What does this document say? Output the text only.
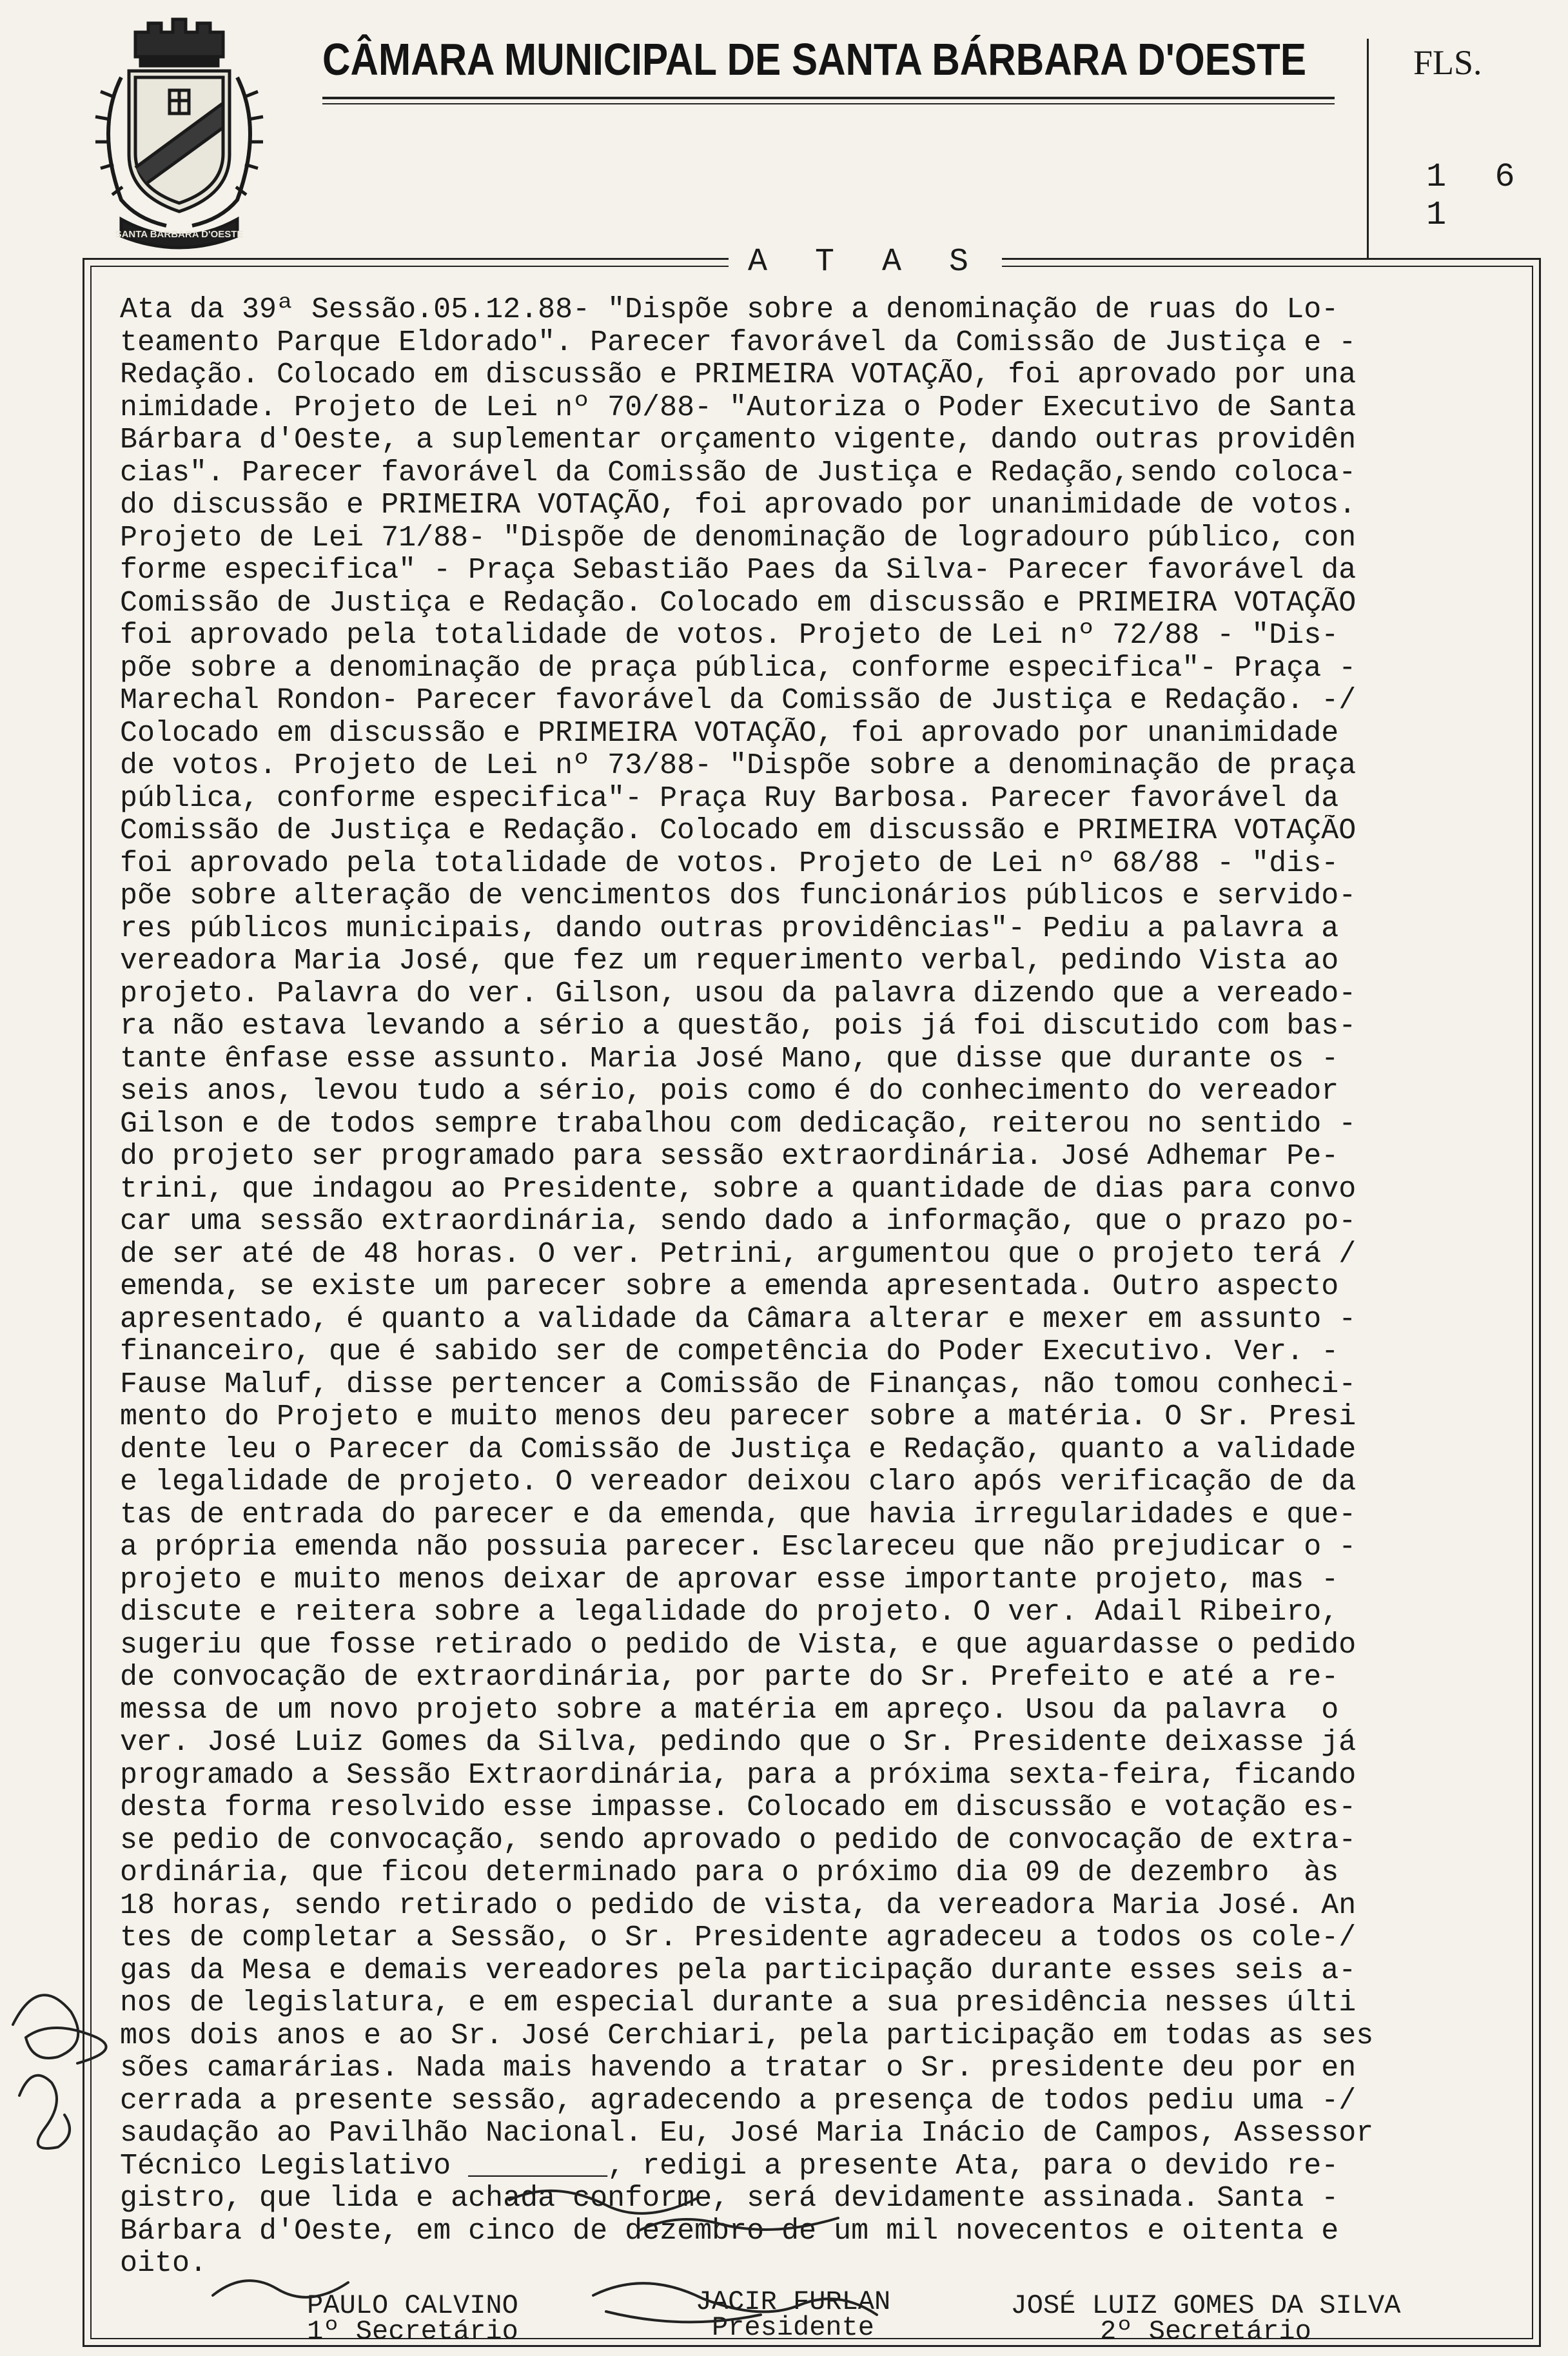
SANTA BARBARA D'OESTE
CÂMARA MUNICIPAL DE SANTA BÁRBARA D'OESTE	FLS.
1 6 1
A T A S
Ata da 39ª Sessão.05.12.88- "Dispõe sobre a denominação de ruas do Lo-
teamento Parque Eldorado". Parecer favorável da Comissão de Justiça e -
Redação. Colocado em discussão e PRIMEIRA VOTAÇÃO, foi aprovado por una
nimidade. Projeto de Lei nº 70/88- "Autoriza o Poder Executivo de Santa
Bárbara d'Oeste, a suplementar orçamento vigente, dando outras providên
cias". Parecer favorável da Comissão de Justiça e Redação,sendo coloca-
do discussão e PRIMEIRA VOTAÇÃO, foi aprovado por unanimidade de votos.
Projeto de Lei 71/88- "Dispõe de denominação de logradouro público, con
forme especifica" - Praça Sebastião Paes da Silva- Parecer favorável da
Comissão de Justiça e Redação. Colocado em discussão e PRIMEIRA VOTAÇÃO
foi aprovado pela totalidade de votos. Projeto de Lei nº 72/88 - "Dis-
põe sobre a denominação de praça pública, conforme especifica"- Praça -
Marechal Rondon- Parecer favorável da Comissão de Justiça e Redação. -/
Colocado em discussão e PRIMEIRA VOTAÇÃO, foi aprovado por unanimidade
de votos. Projeto de Lei nº 73/88- "Dispõe sobre a denominação de praça
pública, conforme especifica"- Praça Ruy Barbosa. Parecer favorável da
Comissão de Justiça e Redação. Colocado em discussão e PRIMEIRA VOTAÇÃO
foi aprovado pela totalidade de votos. Projeto de Lei nº 68/88 - "dis-
põe sobre alteração de vencimentos dos funcionários públicos e servido-
res públicos municipais, dando outras providências"- Pediu a palavra a
vereadora Maria José, que fez um requerimento verbal, pedindo Vista ao
projeto. Palavra do ver. Gilson, usou da palavra dizendo que a vereado-
ra não estava levando a sério a questão, pois já foi discutido com bas-
tante ênfase esse assunto. Maria José Mano, que disse que durante os -
seis anos, levou tudo a sério, pois como é do conhecimento do vereador
Gilson e de todos sempre trabalhou com dedicação, reiterou no sentido -
do projeto ser programado para sessão extraordinária. José Adhemar Pe-
trini, que indagou ao Presidente, sobre a quantidade de dias para convo
car uma sessão extraordinária, sendo dado a informação, que o prazo po-
de ser até de 48 horas. O ver. Petrini, argumentou que o projeto terá /
emenda, se existe um parecer sobre a emenda apresentada. Outro aspecto
apresentado, é quanto a validade da Câmara alterar e mexer em assunto -
financeiro, que é sabido ser de competência do Poder Executivo. Ver. -
Fause Maluf, disse pertencer a Comissão de Finanças, não tomou conheci-
mento do Projeto e muito menos deu parecer sobre a matéria. O Sr. Presi
dente leu o Parecer da Comissão de Justiça e Redação, quanto a validade
e legalidade de projeto. O vereador deixou claro após verificação de da
tas de entrada do parecer e da emenda, que havia irregularidades e que-
a própria emenda não possuia parecer. Esclareceu que não prejudicar o -
projeto e muito menos deixar de aprovar esse importante projeto, mas -
discute e reitera sobre a legalidade do projeto. O ver. Adail Ribeiro,
sugeriu que fosse retirado o pedido de Vista, e que aguardasse o pedido
de convocação de extraordinária, por parte do Sr. Prefeito e até a re-
messa de um novo projeto sobre a matéria em apreço. Usou da palavra  o
ver. José Luiz Gomes da Silva, pedindo que o Sr. Presidente deixasse já
programado a Sessão Extraordinária, para a próxima sexta-feira, ficando
desta forma resolvido esse impasse. Colocado em discussão e votação es-
se pedio de convocação, sendo aprovado o pedido de convocação de extra-
ordinária, que ficou determinado para o próximo dia 09 de dezembro  às
18 horas, sendo retirado o pedido de vista, da vereadora Maria José. An
tes de completar a Sessão, o Sr. Presidente agradeceu a todos os cole-/
gas da Mesa e demais vereadores pela participação durante esses seis a-
nos de legislatura, e em especial durante a sua presidência nesses últi
mos dois anos e ao Sr. José Cerchiari, pela participação em todas as ses
sões camarárias. Nada mais havendo a tratar o Sr. presidente deu por en
cerrada a presente sessão, agradecendo a presença de todos pediu uma -/
saudação ao Pavilhão Nacional. Eu, José Maria Inácio de Campos, Assessor
Técnico Legislativo ________, redigi a presente Ata, para o devido re-
gistro, que lida e achada conforme, será devidamente assinada. Santa -
Bárbara d'Oeste, em cinco de dezembro de um mil novecentos e oitenta e
oito.
PAULO CALVINO
1º Secretário
JACIR FURLAN
Presidente
JOSÉ LUIZ GOMES DA SILVA
2º Secretário
